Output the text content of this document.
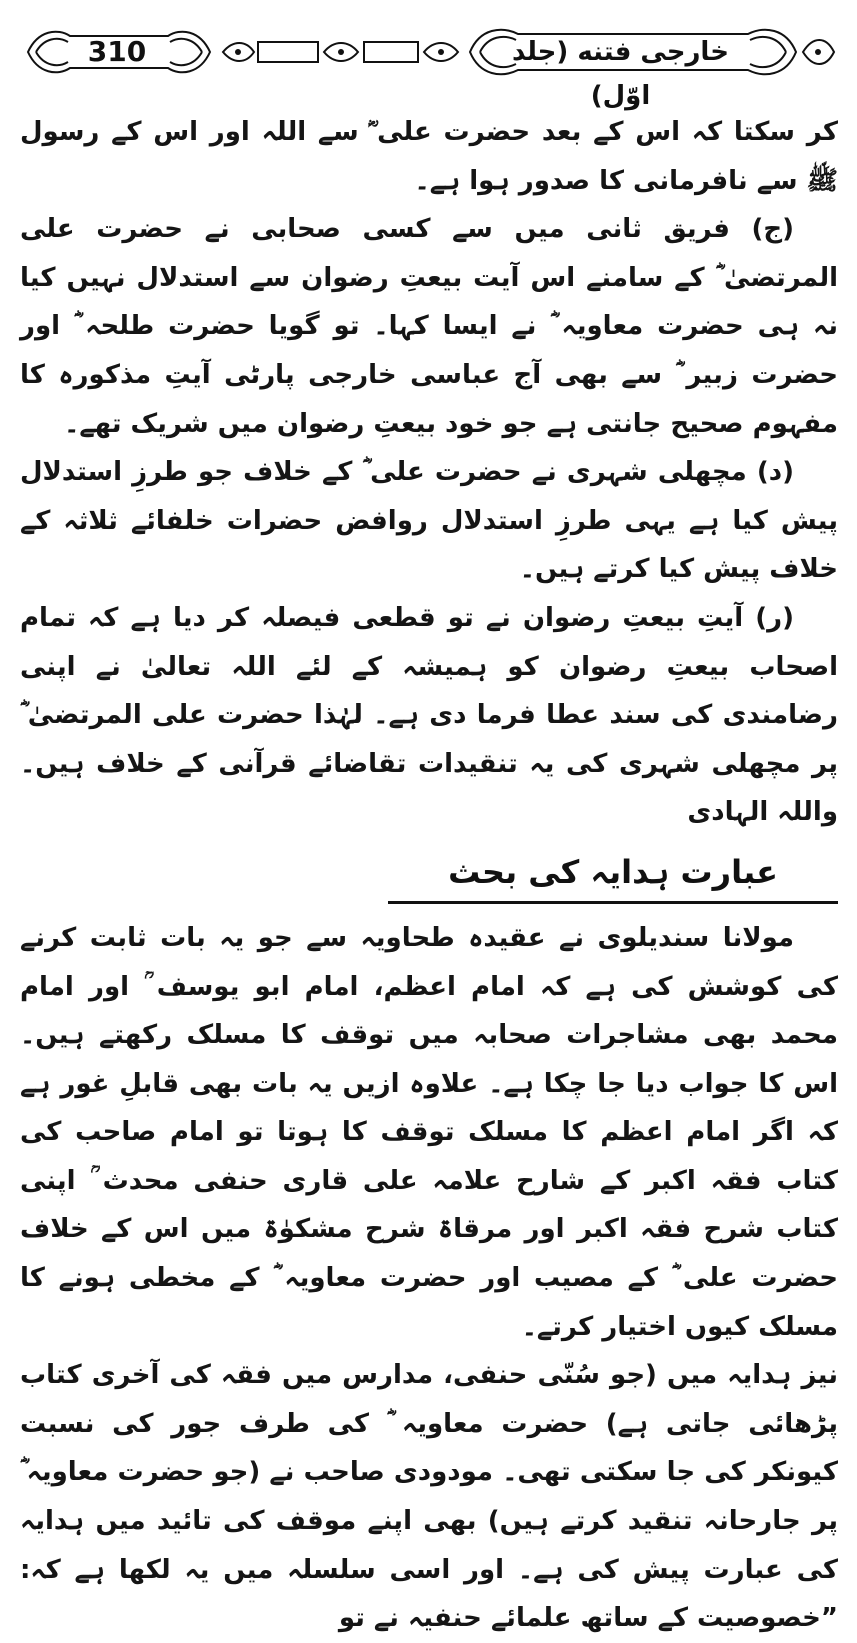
310	خارجی فتنه (جلد اوّل)

کر سکتا کہ اس کے بعد حضرت علی ؓ سے اللہ اور اس کے رسول ﷺ سے نافرمانی کا صدور ہوا ہے۔

(ج) فریق ثانی میں سے کسی صحابی نے حضرت علی المرتضیٰ ؓ کے سامنے اس آیت بیعتِ رضوان سے استدلال نہیں کیا نہ ہی حضرت معاویہ ؓ نے ایسا کہا۔ تو گویا حضرت طلحہ ؓ اور حضرت زبیر ؓ سے بھی آج عباسی خارجی پارٹی آیتِ مذکورہ کا مفہوم صحیح جانتی ہے جو خود بیعتِ رضوان میں شریک تھے۔

(د) مچھلی شہری نے حضرت علی ؓ کے خلاف جو طرزِ استدلال پیش کیا ہے یہی طرزِ استدلال روافض حضرات خلفائے ثلاثہ کے خلاف پیش کیا کرتے ہیں۔

(ر) آیتِ بیعتِ رضوان نے تو قطعی فیصلہ کر دیا ہے کہ تمام اصحاب بیعتِ رضوان کو ہمیشہ کے لئے اللہ تعالیٰ نے اپنی رضامندی کی سند عطا فرما دی ہے۔ لہٰذا حضرت علی المرتضیٰ ؓ پر مچھلی شہری کی یہ تنقیدات تقاضائے قرآنی کے خلاف ہیں۔ واللہ الہادی

عبارت ہدایہ کی بحث

مولانا سندیلوی نے عقیدہ طحاویہ سے جو یہ بات ثابت کرنے کی کوشش کی ہے کہ امام اعظم، امام ابو یوسف ؒ اور امام محمد بھی مشاجرات صحابہ میں توقف کا مسلک رکھتے ہیں۔ اس کا جواب دیا جا چکا ہے۔ علاوہ ازیں یہ بات بھی قابلِ غور ہے کہ اگر امام اعظم کا مسلک توقف کا ہوتا تو امام صاحب کی کتاب فقہ اکبر کے شارح علامہ علی قاری حنفی محدث ؒ اپنی کتاب شرح فقہ اکبر اور مرقاۃ شرح مشکوٰۃ میں اس کے خلاف حضرت علی ؓ کے مصیب اور حضرت معاویہ ؓ کے مخطی ہونے کا مسلک کیوں اختیار کرتے۔

نیز ہدایہ میں (جو سُنّی حنفی، مدارس میں فقہ کی آخری کتاب پڑھائی جاتی ہے) حضرت معاویہ ؓ کی طرف جور کی نسبت کیونکر کی جا سکتی تھی۔ مودودی صاحب نے (جو حضرت معاویہ ؓ پر جارحانہ تنقید کرتے ہیں) بھی اپنے موقف کی تائید میں ہدایہ کی عبارت پیش کی ہے۔ اور اسی سلسلہ میں یہ لکھا ہے کہ: ”خصوصیت کے ساتھ علمائے حنفیہ نے تو
